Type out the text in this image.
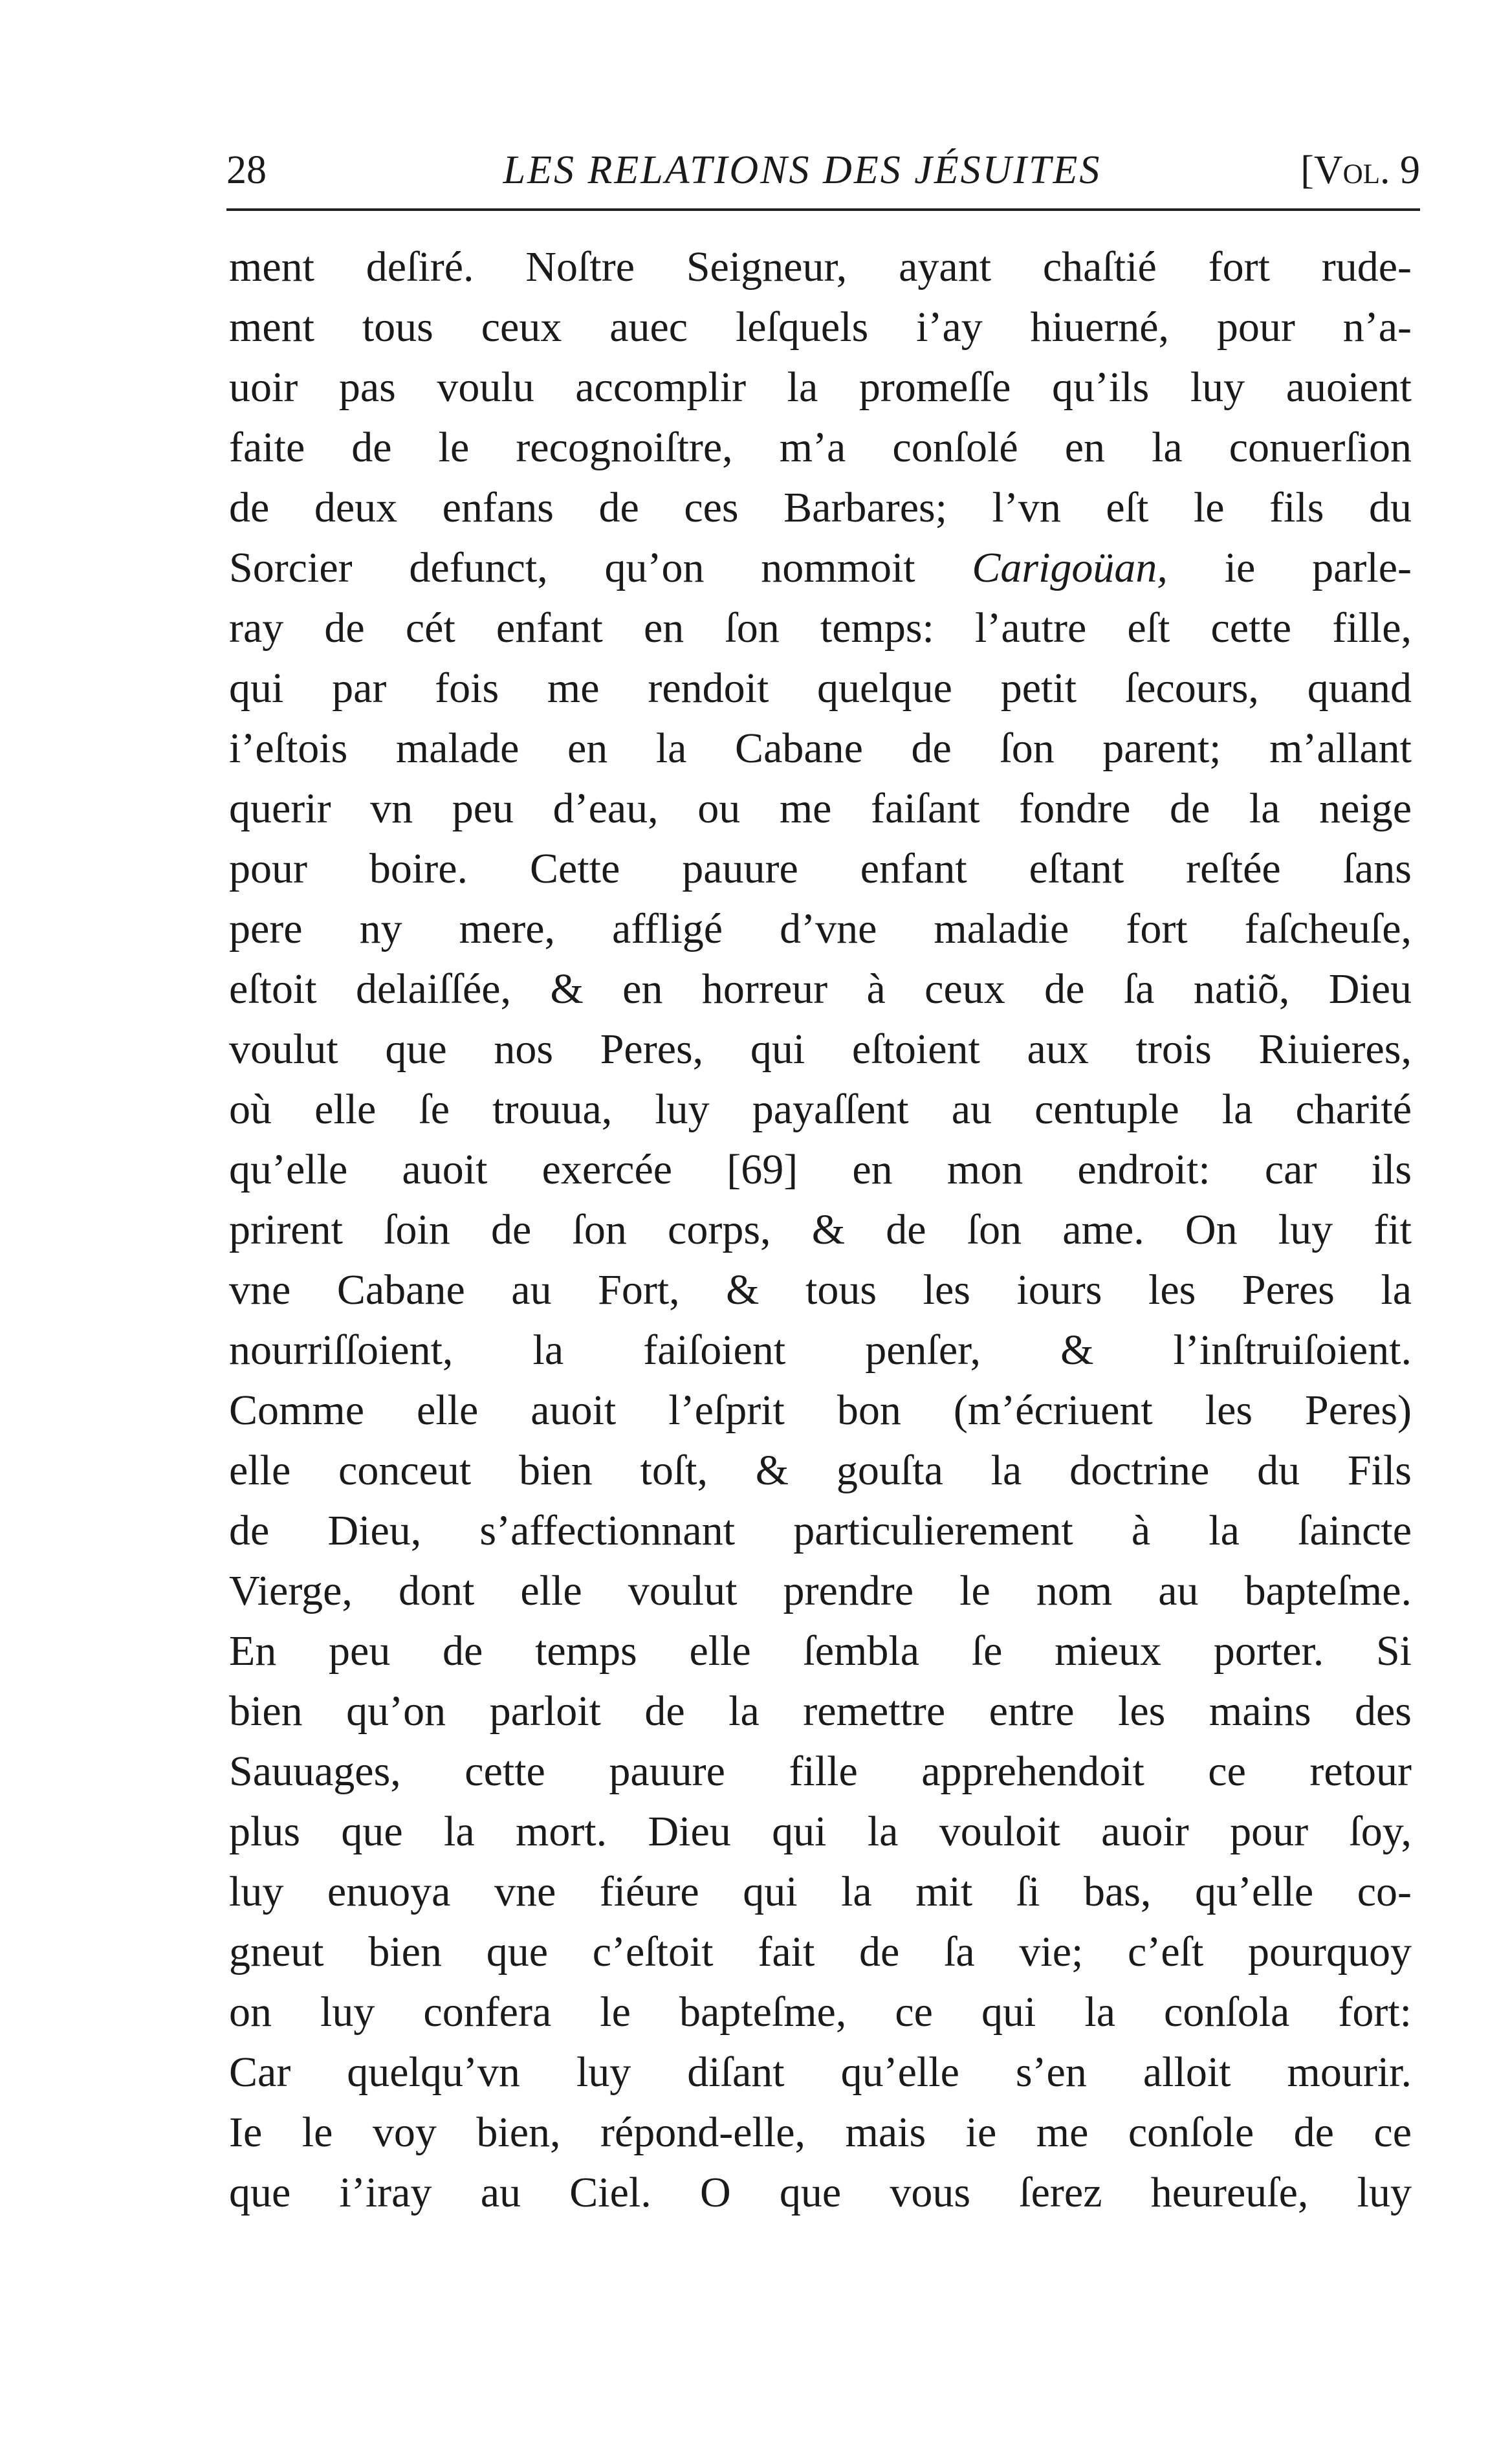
28	LES RELATIONS DES JÉSUITES	[Vol. 9
ment deſiré. Noſtre Seigneur, ayant chaſtié fort rude-
ment tous ceux auec leſquels i’ay hiuerné, pour n’a-
uoir pas voulu accomplir la promeſſe qu’ils luy auoient
faite de le recognoiſtre, m’a conſolé en la conuerſion
de deux enfans de ces Barbares; l’vn eſt le fils du
Sorcier defunct, qu’on nommoit Carigoüan, ie parle-
ray de cét enfant en ſon temps: l’autre eſt cette fille,
qui par fois me rendoit quelque petit ſecours, quand
i’eſtois malade en la Cabane de ſon parent; m’allant
querir vn peu d’eau, ou me faiſant fondre de la neige
pour boire. Cette pauure enfant eſtant reſtée ſans
pere ny mere, affligé d’vne maladie fort faſcheuſe,
eſtoit delaiſſée, & en horreur à ceux de ſa natiõ, Dieu
voulut que nos Peres, qui eſtoient aux trois Riuieres,
où elle ſe trouua, luy payaſſent au centuple la charité
qu’elle auoit exercée [69] en mon endroit: car ils
prirent ſoin de ſon corps, & de ſon ame. On luy fit
vne Cabane au Fort, & tous les iours les Peres la
nourriſſoient, la faiſoient penſer, & l’inſtruiſoient.
Comme elle auoit l’eſprit bon (m’écriuent les Peres)
elle conceut bien toſt, & gouſta la doctrine du Fils
de Dieu, s’affectionnant particulierement à la ſaincte
Vierge, dont elle voulut prendre le nom au bapteſme.
En peu de temps elle ſembla ſe mieux porter. Si
bien qu’on parloit de la remettre entre les mains des
Sauuages, cette pauure fille apprehendoit ce retour
plus que la mort. Dieu qui la vouloit auoir pour ſoy,
luy enuoya vne fiéure qui la mit ſi bas, qu’elle co-
gneut bien que c’eſtoit fait de ſa vie; c’eſt pourquoy
on luy confera le bapteſme, ce qui la conſola fort:
Car quelqu’vn luy diſant qu’elle s’en alloit mourir.
Ie le voy bien, répond-elle, mais ie me conſole de ce
que i’iray au Ciel. O que vous ſerez heureuſe, luy
